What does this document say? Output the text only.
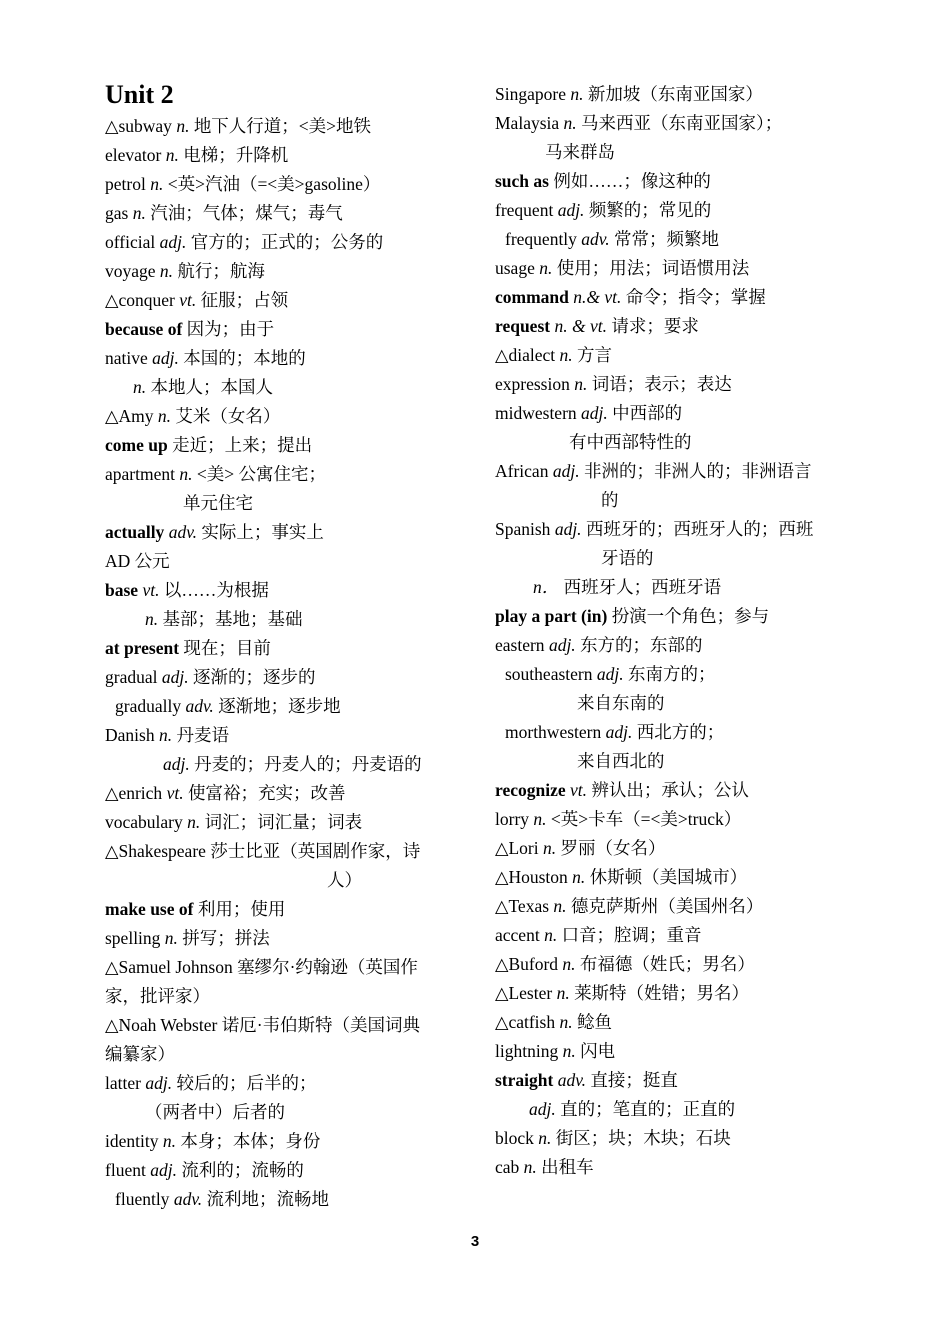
Unit 2
△subway n. 地下人行道；<美>地铁
elevator n. 电梯；升降机
petrol n. <英>汽油（=<美>gasoline）
gas n. 汽油；气体；煤气；毒气
official adj. 官方的；正式的；公务的
voyage n. 航行；航海
△conquer vt. 征服；占领
because of 因为；由于
native adj. 本国的；本地的
n. 本地人；本国人
△Amy n. 艾米（女名）
come up 走近；上来；提出
apartment n. <美> 公寓住宅；
单元住宅
actually adv. 实际上；事实上
AD 公元
base vt. 以……为根据
n. 基部；基地；基础
at present 现在；目前
gradual adj. 逐渐的；逐步的
gradually adv. 逐渐地；逐步地
Danish n. 丹麦语
adj. 丹麦的；丹麦人的；丹麦语的
△enrich vt. 使富裕；充实；改善
vocabulary n. 词汇；词汇量；词表
△Shakespeare 莎士比亚（英国剧作家，诗
人）
make use of 利用；使用
spelling n. 拼写；拼法
△Samuel Johnson 塞缪尔·约翰逊（英国作
家，批评家）
△Noah Webster 诺厄·韦伯斯特（美国词典
编纂家）
latter adj. 较后的；后半的；
（两者中）后者的
identity n. 本身；本体；身份
fluent adj. 流利的；流畅的
fluently adv. 流利地；流畅地
Singapore n. 新加坡（东南亚国家）
Malaysia n. 马来西亚（东南亚国家）；
马来群岛
such as 例如……；像这种的
frequent adj. 频繁的；常见的
frequently adv. 常常；频繁地
usage n. 使用；用法；词语惯用法
command n.& vt. 命令；指令；掌握
request n. & vt. 请求；要求
△dialect n. 方言
expression n. 词语；表示；表达
midwestern adj. 中西部的
有中西部特性的
African adj. 非洲的；非洲人的；非洲语言
的
Spanish adj. 西班牙的；西班牙人的；西班
牙语的
n． 西班牙人；西班牙语
play a part (in) 扮演一个角色；参与
eastern adj. 东方的；东部的
southeastern adj. 东南方的；
来自东南的
morthwestern adj. 西北方的；
来自西北的
recognize vt. 辨认出；承认；公认
lorry n. <英>卡车（=<美>truck）
△Lori n. 罗丽（女名）
△Houston n. 休斯顿（美国城市）
△Texas n. 德克萨斯州（美国州名）
accent n. 口音；腔调；重音
△Buford n. 布福德（姓氏；男名）
△Lester n. 莱斯特（姓错；男名）
△catfish n. 鲶鱼
lightning n. 闪电
straight adv. 直接；挺直
adj. 直的；笔直的；正直的
block n. 街区；块；木块；石块
cab n. 出租车
3
